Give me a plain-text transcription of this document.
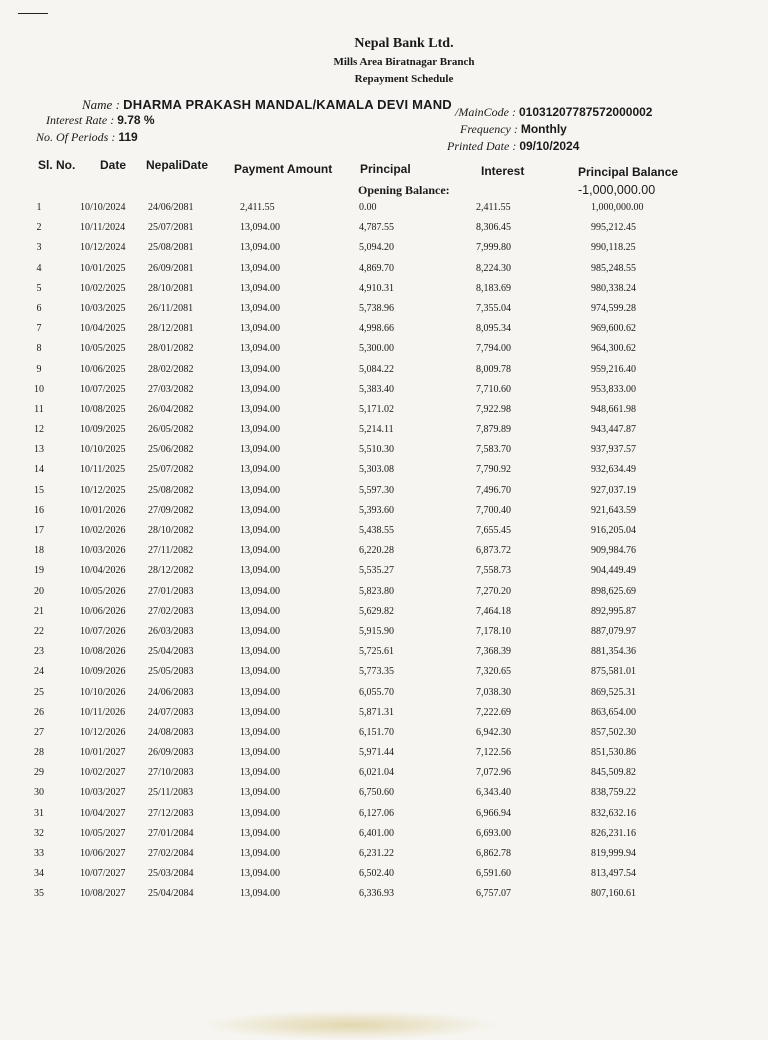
Nepal Bank Ltd.
Mills Area Biratnagar Branch
Repayment Schedule
Name : DHARMA PRAKASH MANDAL/KAMALA DEVI MAND /MainCode : 01031207787572000002
Interest Rate : 9.78 %
Frequency : Monthly
No. Of Periods : 119
Printed Date : 09/10/2024
Sl. No. Date NepaliDate Payment Amount Principal	Interest	Principal Balance
Opening Balance:	-1,000,000.00
1	10/10/2024 24/06/2081	2,411.55	0.00	2,411.55	1,000,000.00
2	10/11/2024 25/07/2081	13,094.00	4,787.55	8,306.45	995,212.45
3	10/12/2024 25/08/2081	13,094.00	5,094.20	7,999.80	990,118.25
4	10/01/2025 26/09/2081	13,094.00	4,869.70	8,224.30	985,248.55
5	10/02/2025 28/10/2081	13,094.00	4,910.31	8,183.69	980,338.24
6	10/03/2025 26/11/2081	13,094.00	5,738.96	7,355.04	974,599.28
7	10/04/2025 28/12/2081	13,094.00	4,998.66	8,095.34	969,600.62
8	10/05/2025 28/01/2082	13,094.00	5,300.00	7,794.00	964,300.62
9	10/06/2025 28/02/2082	13,094.00	5,084.22	8,009.78	959,216.40
10	10/07/2025 27/03/2082	13,094.00	5,383.40	7,710.60	953,833.00
11	10/08/2025 26/04/2082	13,094.00	5,171.02	7,922.98	948,661.98
12	10/09/2025 26/05/2082	13,094.00	5,214.11	7,879.89	943,447.87
13	10/10/2025 25/06/2082	13,094.00	5,510.30	7,583.70	937,937.57
14	10/11/2025 25/07/2082	13,094.00	5,303.08	7,790.92	932,634.49
15	10/12/2025 25/08/2082	13,094.00	5,597.30	7,496.70	927,037.19
16	10/01/2026 27/09/2082	13,094.00	5,393.60	7,700.40	921,643.59
17	10/02/2026 28/10/2082	13,094.00	5,438.55	7,655.45	916,205.04
18	10/03/2026 27/11/2082	13,094.00	6,220.28	6,873.72	909,984.76
19	10/04/2026 28/12/2082	13,094.00	5,535.27	7,558.73	904,449.49
20	10/05/2026 27/01/2083	13,094.00	5,823.80	7,270.20	898,625.69
21	10/06/2026 27/02/2083	13,094.00	5,629.82	7,464.18	892,995.87
22	10/07/2026 26/03/2083	13,094.00	5,915.90	7,178.10	887,079.97
23	10/08/2026 25/04/2083	13,094.00	5,725.61	7,368.39	881,354.36
24	10/09/2026 25/05/2083	13,094.00	5,773.35	7,320.65	875,581.01
25	10/10/2026 24/06/2083	13,094.00	6,055.70	7,038.30	869,525.31
26	10/11/2026 24/07/2083	13,094.00	5,871.31	7,222.69	863,654.00
27	10/12/2026 24/08/2083	13,094.00	6,151.70	6,942.30	857,502.30
28	10/01/2027 26/09/2083	13,094.00	5,971.44	7,122.56	851,530.86
29	10/02/2027 27/10/2083	13,094.00	6,021.04	7,072.96	845,509.82
30	10/03/2027 25/11/2083	13,094.00	6,750.60	6,343.40	838,759.22
31	10/04/2027 27/12/2083	13,094.00	6,127.06	6,966.94	832,632.16
32	10/05/2027 27/01/2084	13,094.00	6,401.00	6,693.00	826,231.16
33	10/06/2027 27/02/2084	13,094.00	6,231.22	6,862.78	819,999.94
34	10/07/2027 25/03/2084	13,094.00	6,502.40	6,591.60	813,497.54
35	10/08/2027 25/04/2084	13,094.00	6,336.93	6,757.07	807,160.61
